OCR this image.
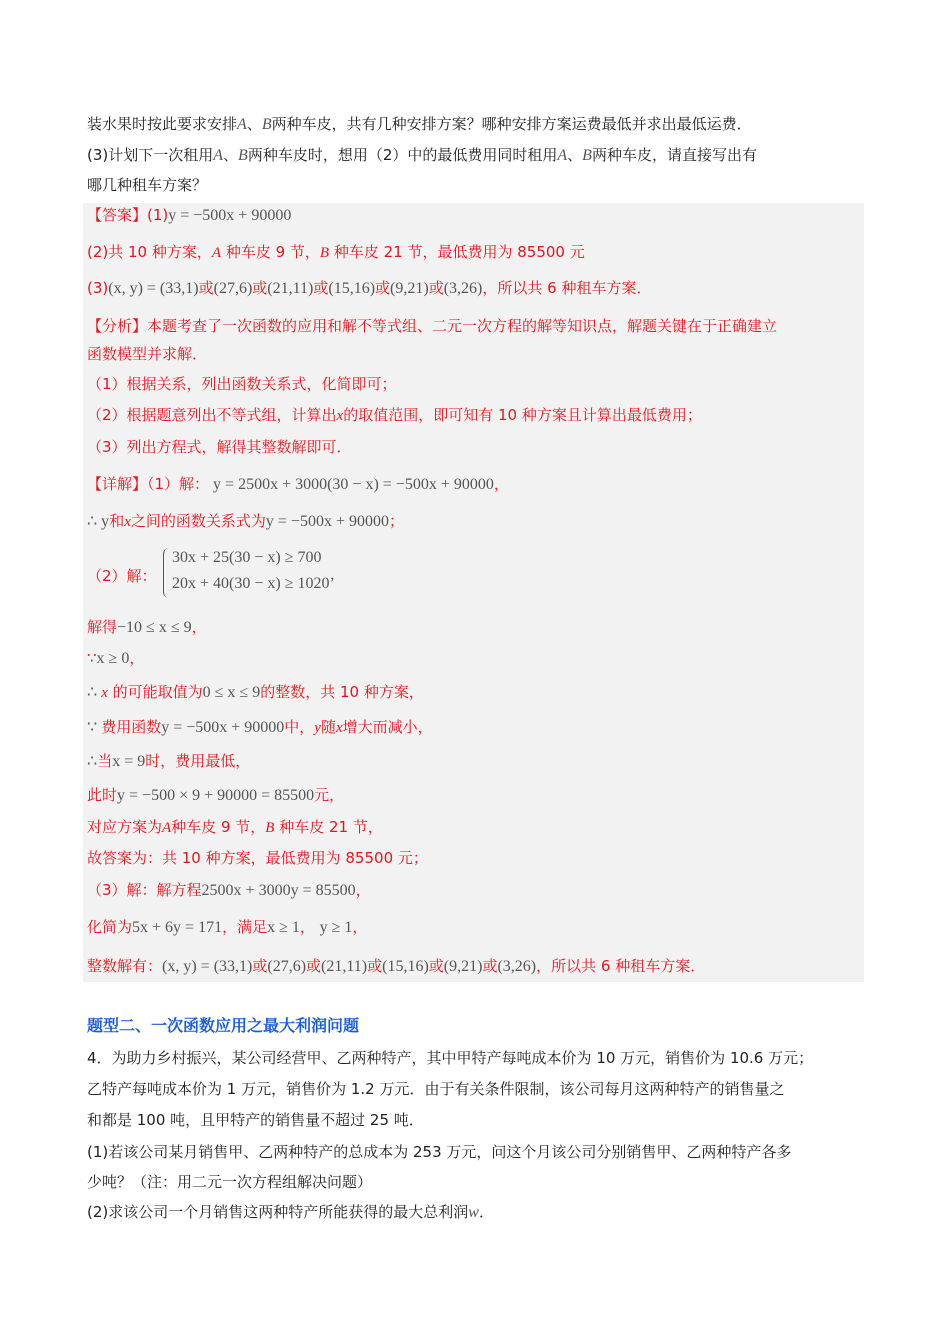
装水果时按此要求安排A、B两种车皮，共有几种安排方案？哪种安排方案运费最低并求出最低运费．
(3)计划下一次租用A、B两种车皮时，想用（2）中的最低费用同时租用A、B两种车皮，请直接写出有
哪几种租车方案？
【答案】(1)y = −500x + 90000
(2)共 10 种方案，A 种车皮 9 节，B 种车皮 21 节，最低费用为 85500 元
(3)(x, y) = (33,1)或(27,6)或(21,11)或(15,16)或(9,21)或(3,26)，所以共 6 种租车方案．
【分析】本题考查了一次函数的应用和解不等式组、二元一次方程的解等知识点，解题关键在于正确建立
函数模型并求解．
（1）根据关系，列出函数关系式，化简即可；
（2）根据题意列出不等式组，计算出x的取值范围，即可知有 10 种方案且计算出最低费用；
（3）列出方程式，解得其整数解即可．
【详解】（1）解： y = 2500x + 3000(30 − x) = −500x + 90000，
∴ y和x之间的函数关系式为y = −500x + 90000；
（2）解：
解得−10 ≤ x ≤ 9，
∵x ≥ 0，
∴ x 的可能取值为0 ≤ x ≤ 9的整数，共 10 种方案，
∵ 费用函数y = −500x + 90000中，y随x增大而减小，
∴当x = 9时，费用最低，
此时y = −500 × 9 + 90000 = 85500元，
对应方案为A种车皮 9 节，B 种车皮 21 节，
故答案为：共 10 种方案，最低费用为 85500 元；
（3）解：解方程2500x + 3000y = 85500，
化简为5x + 6y = 171，满足x ≥ 1， y ≥ 1，
整数解有：(x, y) = (33,1)或(27,6)或(21,11)或(15,16)或(9,21)或(3,26)，所以共 6 种租车方案．
题型二、一次函数应用之最大利润问题
4．为助力乡村振兴，某公司经营甲、乙两种特产，其中甲特产每吨成本价为 10 万元，销售价为 10.6 万元；
乙特产每吨成本价为 1 万元，销售价为 1.2 万元．由于有关条件限制，该公司每月这两种特产的销售量之
和都是 100 吨，且甲特产的销售量不超过 25 吨．
(1)若该公司某月销售甲、乙两种特产的总成本为 253 万元，问这个月该公司分别销售甲、乙两种特产各多
少吨？（注：用二元一次方程组解决问题）
(2)求该公司一个月销售这两种特产所能获得的最大总利润w．
30x + 25(30 − x) ≥ 700
20x + 40(30 − x) ≥ 1020’
